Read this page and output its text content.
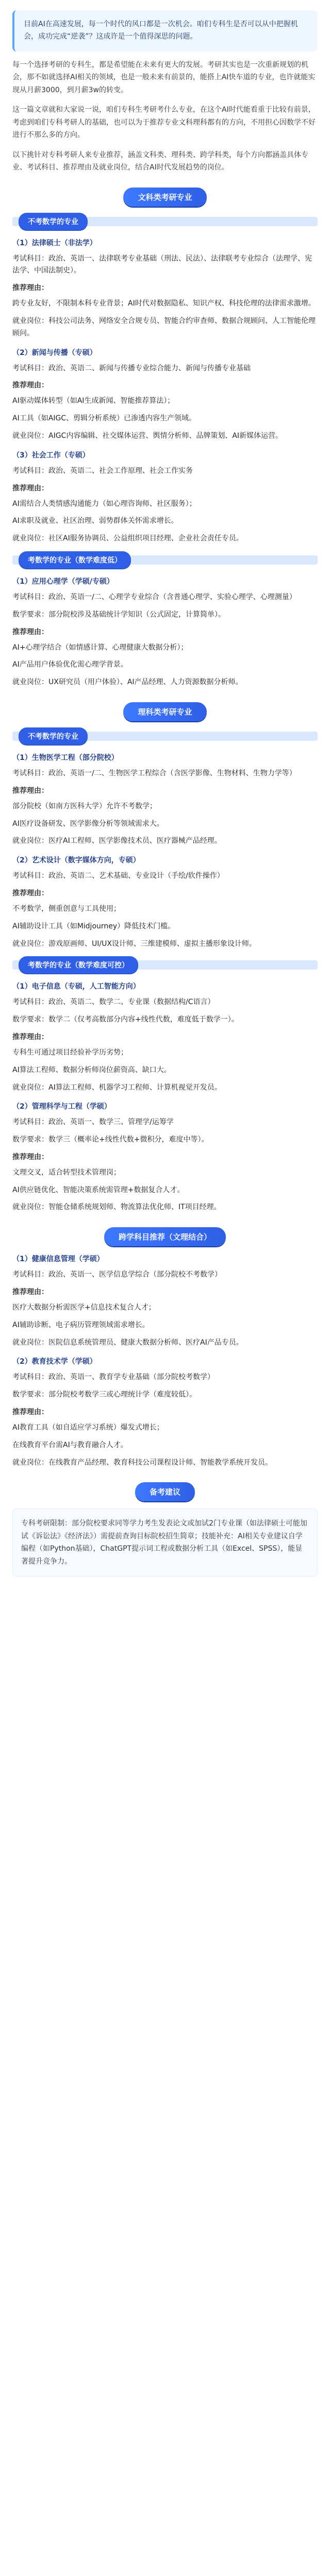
目前AI在高速发展，每一个时代的风口都是一次机会。咱们专科生是否可以从中把握机会，成功完成“逆袭”？这成许是一个值得深思的问题。

每一个选择考研的专科生，都是希望能在未来有更大的发展。考研其实也是一次重新规划的机会，那不如就选择AI相关的领域，也是一般未来有前景的，能搭上AI快车道的专业，也许就能实现从月薪3000，到月薪3w的转变。

这一篇文章就和大家说一说，咱们专科生考研考什么专业，在这个AI时代能看重于比较有前景，考虑到咱们专科考研人的基础，也可以为于推荐专业文科理科都有的方向，不用担心因数学不好进行不那么多的方向。

以下挑针对专科考研人来专业推荐，涵盖文科类、理科类、跨学科类，每个方向都涵盖具体专业、考试科目、推荐理由及就业岗位，结合AI时代发展趋势的岗位。

文科类考研专业
不考数学的专业
（1）法律硕士（非法学）
考试科目：政治、英语一、法律联考专业基础（刑法、民法）、法律联考专业综合（法理学、宪法学、中国法制史）。
推荐理由：
跨专业友好，不限制本科专业背景；AI时代对数据隐私、知识产权、科技伦理的法律需求激增。
就业岗位：科技公司法务、网络安全合规专员、智能合约审查师、数据合规顾问、人工智能伦理顾问。
（2）新闻与传播（专硕）
考试科目：政治、英语二、新闻与传播专业综合能力、新闻与传播专业基础
推荐理由：
AI驱动媒体转型（如AI生成新闻、智能推荐算法）；
AI工具（如AIGC、剪辑分析系统）已渗透内容生产领域。
就业岗位：AIGC内容编辑、社交媒体运营、舆情分析师、品牌策划、AI新媒体运营。
（3）社会工作（专硕）
考试科目：政治、英语二、社会工作原理、社会工作实务
推荐理由：
AI需结合人类情感沟通能力（如心理咨询师、社区服务）；
AI求职及就业、社区治理、弱势群体关怀需求增长。
就业岗位：社区AI服务协调员、公益组织项目经理、企业社会责任专员。
考数学的专业（数学难度低）
（1）应用心理学（学硕/专硕）
考试科目：政治、英语一/二、心理学专业综合（含普通心理学、实验心理学、心理测量）
数学要求：部分院校涉及基础统计学知识（公式固定，计算简单）。
推荐理由：
AI+心理学结合（如情感计算、心理健康大数据分析）；
AI产品用户体验优化需心理学背景。
就业岗位：UX研究员（用户体验）、AI产品经理、人力资源数据分析师。
理科类考研专业
不考数学的专业
（1）生物医学工程（部分院校）
考试科目：政治、英语一/二、生物医学工程综合（含医学影像、生物材料、生物力学等）
推荐理由：
部分院校（如南方医科大学）允许不考数学；
AI医疗设备研发、医学影像分析等领域需求大。
就业岗位：医疗AI工程师、医学影像技术员、医疗器械产品经理。
（2）艺术设计（数字媒体方向，专硕）
考试科目：政治、英语二、艺术基础、专业设计（手绘/软件操作）
推荐理由：
不考数学，侧重创意与工具使用；
AI辅助设计工具（如Midjourney）降低技术门槛。
就业岗位：游戏原画师、UI/UX设计师、三维建模师、虚拟主播形象设计师。
考数学的专业（数学难度可控）
（1）电子信息（专硕，人工智能方向）
考试科目：政治、英语二、数学二、专业课（数据结构/C语言）
数学要求：数学二（仅考高数部分内容+线性代数，难度低于数学一）。
推荐理由：
专科生可通过项目经验补学历劣势；
AI算法工程师、数据分析师岗位薪资高、缺口大。
就业岗位：AI算法工程师、机器学习工程师、计算机视觉开发员。
（2）管理科学与工程（学硕）
考试科目：政治、英语一、数学三、管理学/运筹学
数学要求：数学三（概率论+线性代数+微积分，难度中等）。
推荐理由：
文理交叉，适合转型技术管理岗；
AI供应链优化、智能决策系统需管理+数据复合人才。
就业岗位：智能仓储系统规划师、物流算法优化师、IT项目经理。
跨学科目推荐（文理结合）
（1）健康信息管理（学硕）
考试科目：政治、英语一、医学信息学综合（部分院校不考数学）
推荐理由：
医疗大数据分析需医学+信息技术复合人才；
AI辅助诊断、电子病历管理领域需求增长。
就业岗位：医院信息系统管理员、健康大数据分析师、医疗AI产品专员。
（2）教育技术学（学硕）
考试科目：政治、英语一、教育学专业基础（部分院校考数学）
数学要求：部分院校考数学三或心理统计学（难度较低）。
推荐理由：
AI教育工具（如自适应学习系统）爆发式增长；
在线教育平台需AI与教育融合人才。
就业岗位：在线教育产品经理、教育科技公司课程设计师、智能教学系统开发员。
备考建议
专科考研限制：部分院校要求同等学力考生发表论文或加试2门专业课（如法律硕士可能加试《诉讼法》《经济法》）需提前查询目标院校招生简章；技能补充：AI相关专业建议自学编程（如Python基础），ChatGPT提示词工程或数据分析工具（如Excel、SPSS），能显著提升竞争力。
